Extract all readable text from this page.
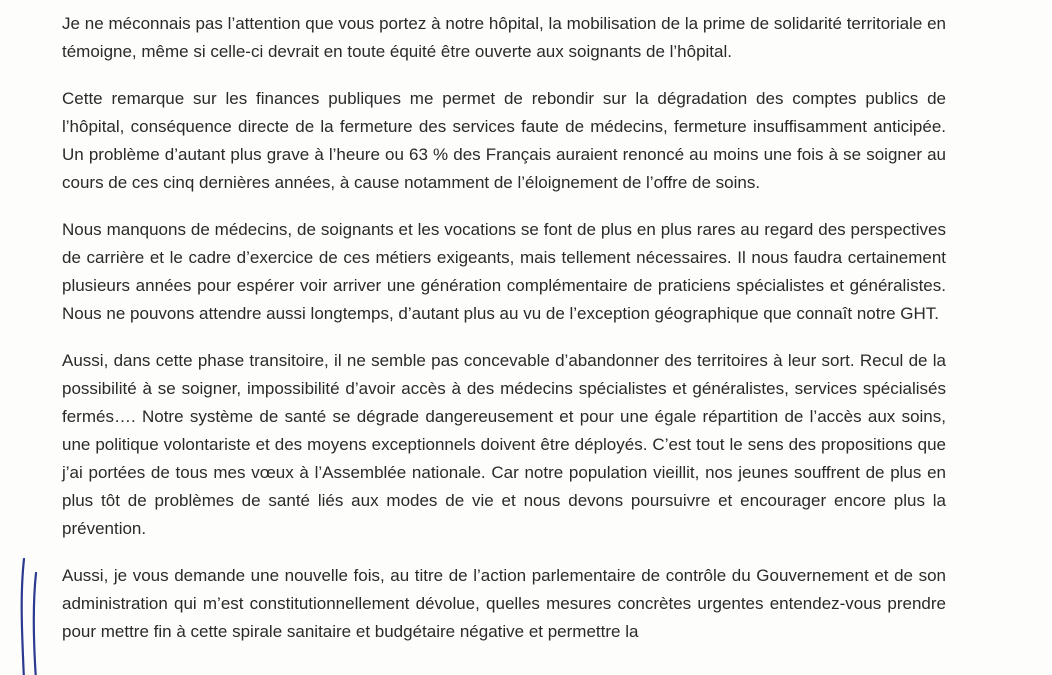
Je ne méconnais pas l’attention que vous portez à notre hôpital, la mobilisation de la prime de solidarité territoriale en témoigne, même si celle-ci devrait en toute équité être ouverte aux soignants de l’hôpital.

Cette remarque sur les finances publiques me permet de rebondir sur la dégradation des comptes publics de l’hôpital, conséquence directe de la fermeture des services faute de médecins, fermeture insuffisamment anticipée. Un problème d’autant plus grave à l’heure ou 63 % des Français auraient renoncé au moins une fois à se soigner au cours de ces cinq dernières années, à cause notamment de l’éloignement de l’offre de soins.

Nous manquons de médecins, de soignants et les vocations se font de plus en plus rares au regard des perspectives de carrière et le cadre d’exercice de ces métiers exigeants, mais tellement nécessaires. Il nous faudra certainement plusieurs années pour espérer voir arriver une génération complémentaire de praticiens spécialistes et généralistes. Nous ne pouvons attendre aussi longtemps, d’autant plus au vu de l’exception géographique que connaît notre GHT.

Aussi, dans cette phase transitoire, il ne semble pas concevable d’abandonner des territoires à leur sort. Recul de la possibilité à se soigner, impossibilité d’avoir accès à des médecins spécialistes et généralistes, services spécialisés fermés…. Notre système de santé se dégrade dangereusement et pour une égale répartition de l’accès aux soins, une politique volontariste et des moyens exceptionnels doivent être déployés. C’est tout le sens des propositions que j’ai portées de tous mes vœux à l’Assemblée nationale. Car notre population vieillit, nos jeunes souffrent de plus en plus tôt de problèmes de santé liés aux modes de vie et nous devons poursuivre et encourager encore plus la prévention.

Aussi, je vous demande une nouvelle fois, au titre de l’action parlementaire de contrôle du Gouvernement et de son administration qui m’est constitutionnellement dévolue, quelles mesures concrètes urgentes entendez-vous prendre pour mettre fin à cette spirale sanitaire et budgétaire négative et permettre la
